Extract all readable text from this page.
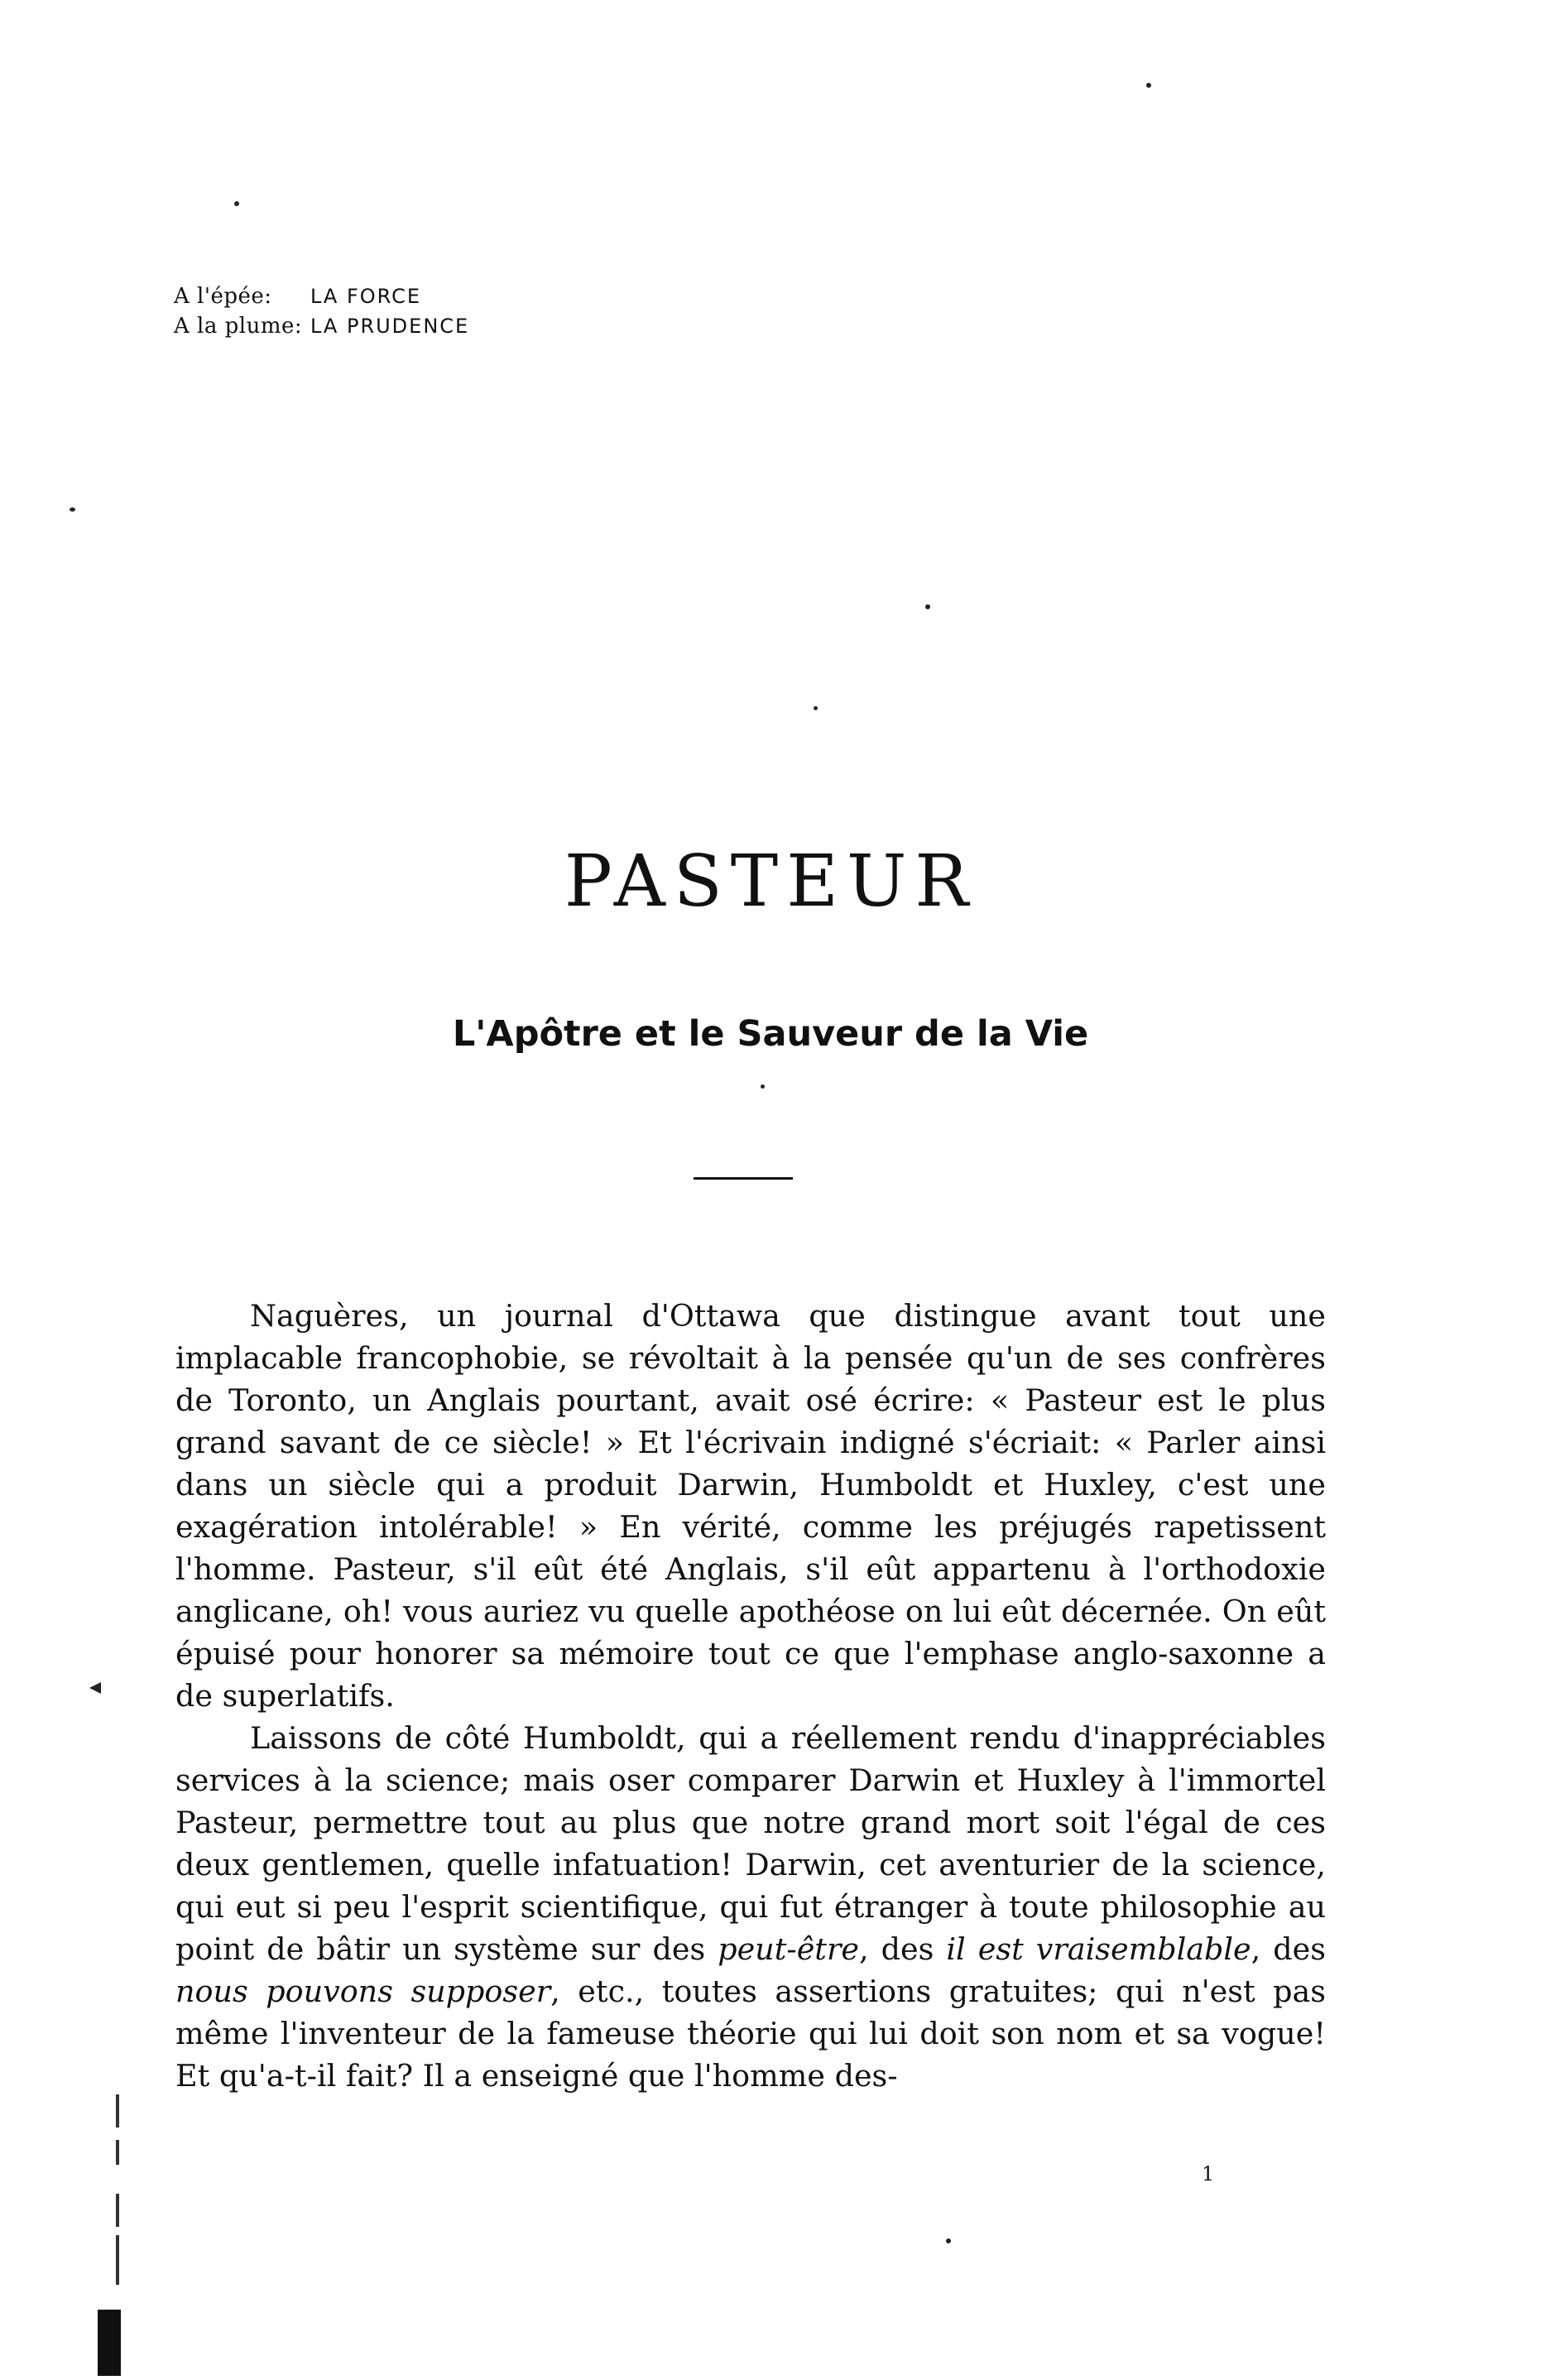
A l'épée:	LA FORCE
A la plume: LA PRUDENCE
PASTEUR
L'Apôtre et le Sauveur de la Vie

Naguères, un journal d'Ottawa que distingue avant tout une implacable francophobie, se révoltait à la pensée qu'un de ses confrères de Toronto, un Anglais pourtant, avait osé écrire: « Pasteur est le plus grand savant de ce siècle! » Et l'écrivain indigné s'écriait: « Parler ainsi dans un siècle qui a produit Darwin, Humboldt et Huxley, c'est une exagération intolérable! » En vérité, comme les préjugés rapetissent l'homme. Pasteur, s'il eût été Anglais, s'il eût appartenu à l'orthodoxie anglicane, oh! vous auriez vu quelle apothéose on lui eût décernée. On eût épuisé pour honorer sa mémoire tout ce que l'emphase anglo-saxonne a de superlatifs.

Laissons de côté Humboldt, qui a réellement rendu d'inappréciables services à la science; mais oser comparer Darwin et Huxley à l'immortel Pasteur, permettre tout au plus que notre grand mort soit l'égal de ces deux gentlemen, quelle infatuation! Darwin, cet aventurier de la science, qui eut si peu l'esprit scientifique, qui fut étranger à toute philosophie au point de bâtir un système sur des peut-être, des il est vraisemblable, des nous pouvons supposer, etc., toutes assertions gratuites; qui n'est pas même l'inventeur de la fameuse théorie qui lui doit son nom et sa vogue! Et qu'a-t-il fait? Il a enseigné que l'homme des-

1
